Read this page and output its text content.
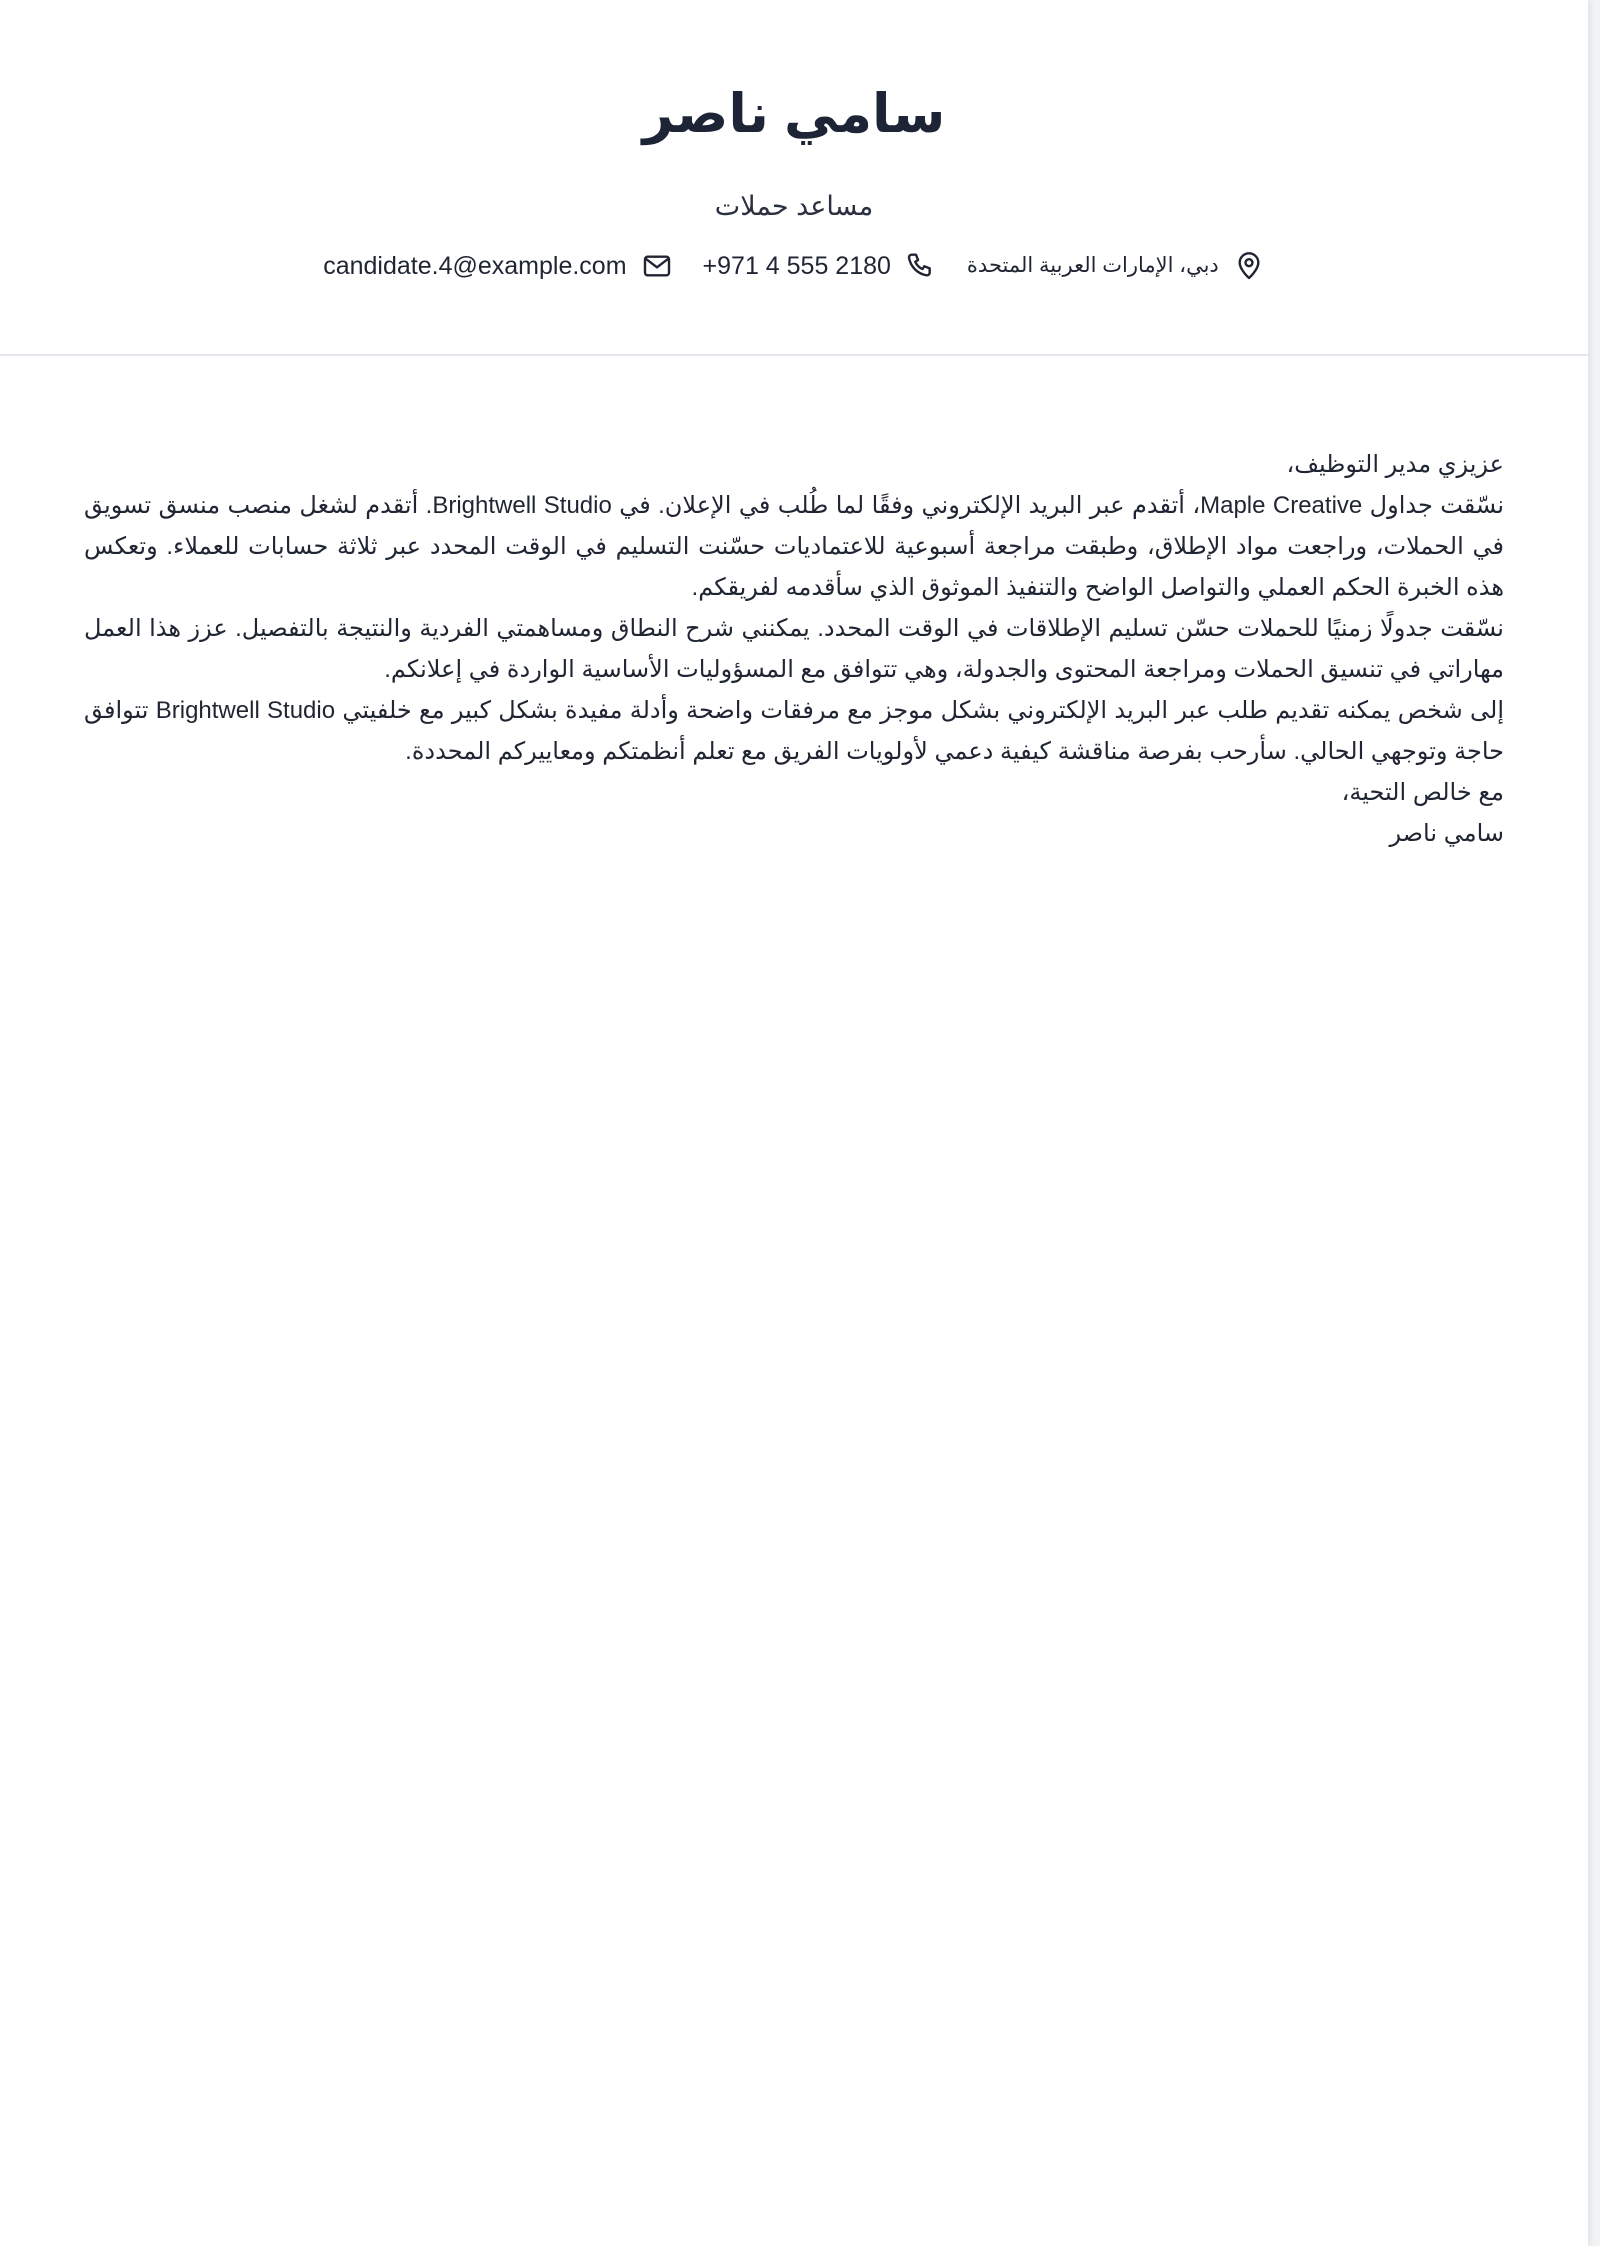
سامي ناصر
مساعد حملات
دبي، الإمارات العربية المتحدة
+971 4 555 2180
candidate.4@example.com

عزيزي مدير التوظيف،

نسّقت جداول Maple Creative، أتقدم عبر البريد الإلكتروني وفقًا لما طُلب في الإعلان. في Brightwell Studio. أتقدم لشغل منصب منسق تسويق في الحملات، وراجعت مواد الإطلاق، وطبقت مراجعة أسبوعية للاعتماديات حسّنت التسليم في الوقت المحدد عبر ثلاثة حسابات للعملاء. وتعكس هذه الخبرة الحكم العملي والتواصل الواضح والتنفيذ الموثوق الذي سأقدمه لفريقكم.

نسّقت جدولًا زمنيًا للحملات حسّن تسليم الإطلاقات في الوقت المحدد. يمكنني شرح النطاق ومساهمتي الفردية والنتيجة بالتفصيل. عزز هذا العمل مهاراتي في تنسيق الحملات ومراجعة المحتوى والجدولة، وهي تتوافق مع المسؤوليات الأساسية الواردة في إعلانكم.

إلى شخص يمكنه تقديم طلب عبر البريد الإلكتروني بشكل موجز مع مرفقات واضحة وأدلة مفيدة بشكل كبير مع خلفيتي Brightwell Studio تتوافق حاجة وتوجهي الحالي. سأرحب بفرصة مناقشة كيفية دعمي لأولويات الفريق مع تعلم أنظمتكم ومعاييركم المحددة.

مع خالص التحية،

سامي ناصر
